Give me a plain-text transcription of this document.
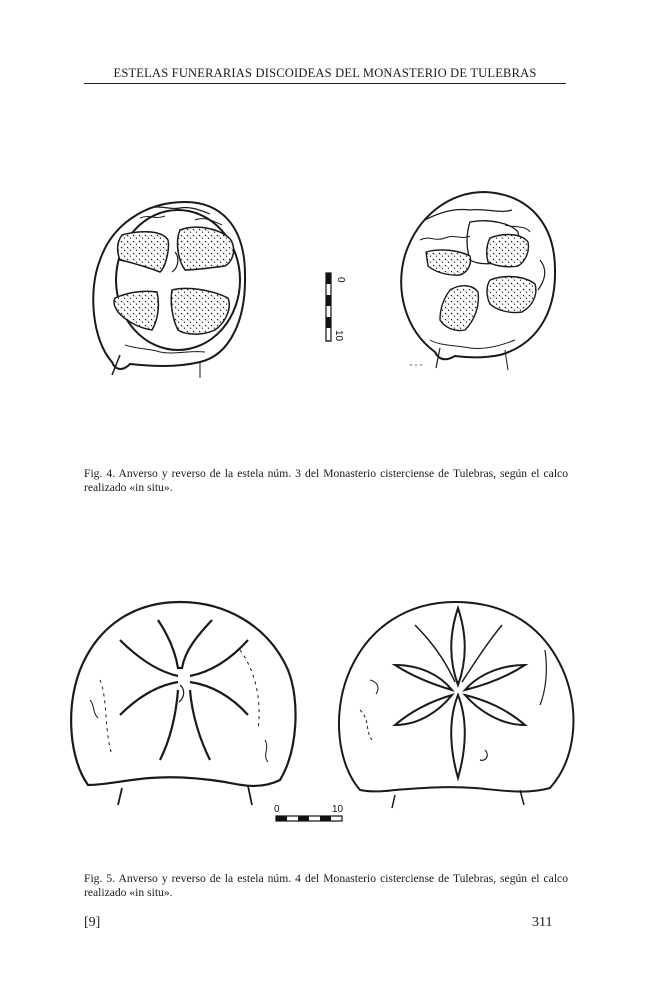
ESTELAS FUNERARIAS DISCOIDEAS DEL MONASTERIO DE TULEBRAS
0
10
Fig. 4. Anverso y reverso de la estela núm. 3 del Monasterio cisterciense de Tulebras, según el calco realizado «in situ».
0	10
Fig. 5. Anverso y reverso de la estela núm. 4 del Monasterio cisterciense de Tulebras, según el calco realizado «in situ».
[9]	311
